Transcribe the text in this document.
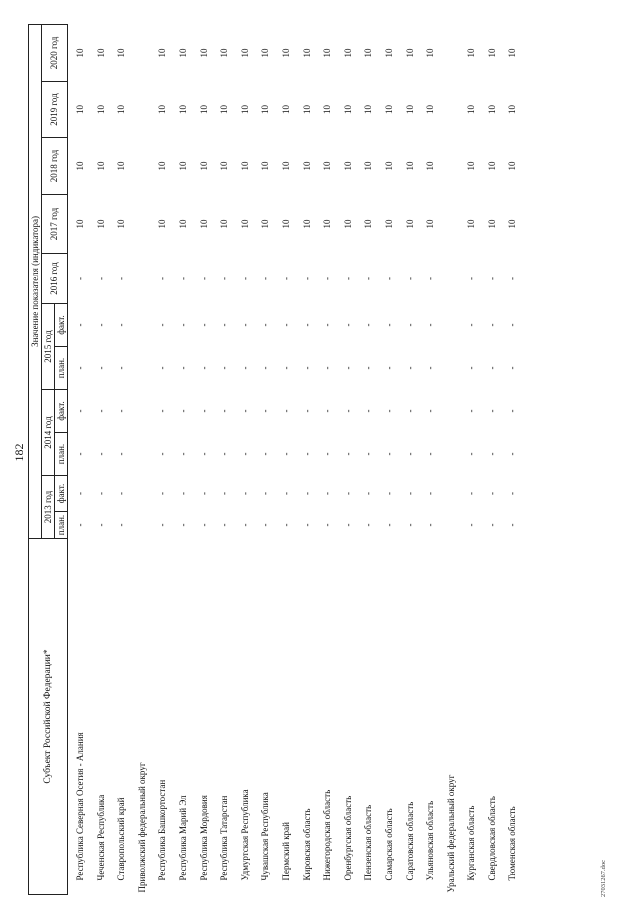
182
Субъект Российской Федерации*	Значение показателя (индикатора)										
	2013 год		2014 год		2015 год		2016 год	2017 год	2018 год	2019 год	2020 год
	план.	факт.	план.	факт.	план.	факт.					
Республика Северная Осетия - Алания	-	-	-	-	-	-	-	10	10	10	10
Чеченская Республика	-	-	-	-	-	-	-	10	10	10	10
Ставропольский край	-	-	-	-	-	-	-	10	10	10	10
Приволжский федеральный округ											
Республика Башкортостан	-	-	-	-	-	-	-	10	10	10	10
Республика Марий Эл	-	-	-	-	-	-	-	10	10	10	10
Республика Мордовия	-	-	-	-	-	-	-	10	10	10	10
Республика Татарстан	-	-	-	-	-	-	-	10	10	10	10
Удмуртская Республика	-	-	-	-	-	-	-	10	10	10	10
Чувашская Республика	-	-	-	-	-	-	-	10	10	10	10
Пермский край	-	-	-	-	-	-	-	10	10	10	10
Кировская область	-	-	-	-	-	-	-	10	10	10	10
Нижегородская область	-	-	-	-	-	-	-	10	10	10	10
Оренбургская область	-	-	-	-	-	-	-	10	10	10	10
Пензенская область	-	-	-	-	-	-	-	10	10	10	10
Самарская область	-	-	-	-	-	-	-	10	10	10	10
Саратовская область	-	-	-	-	-	-	-	10	10	10	10
Ульяновская область	-	-	-	-	-	-	-	10	10	10	10
Уральский федеральный округ											
Курганская область	-	-	-	-	-	-	-	10	10	10	10
Свердловская область	-	-	-	-	-	-	-	10	10	10	10
Тюменская область	-	-	-	-	-	-	-	10	10	10	10
27031267.doc
